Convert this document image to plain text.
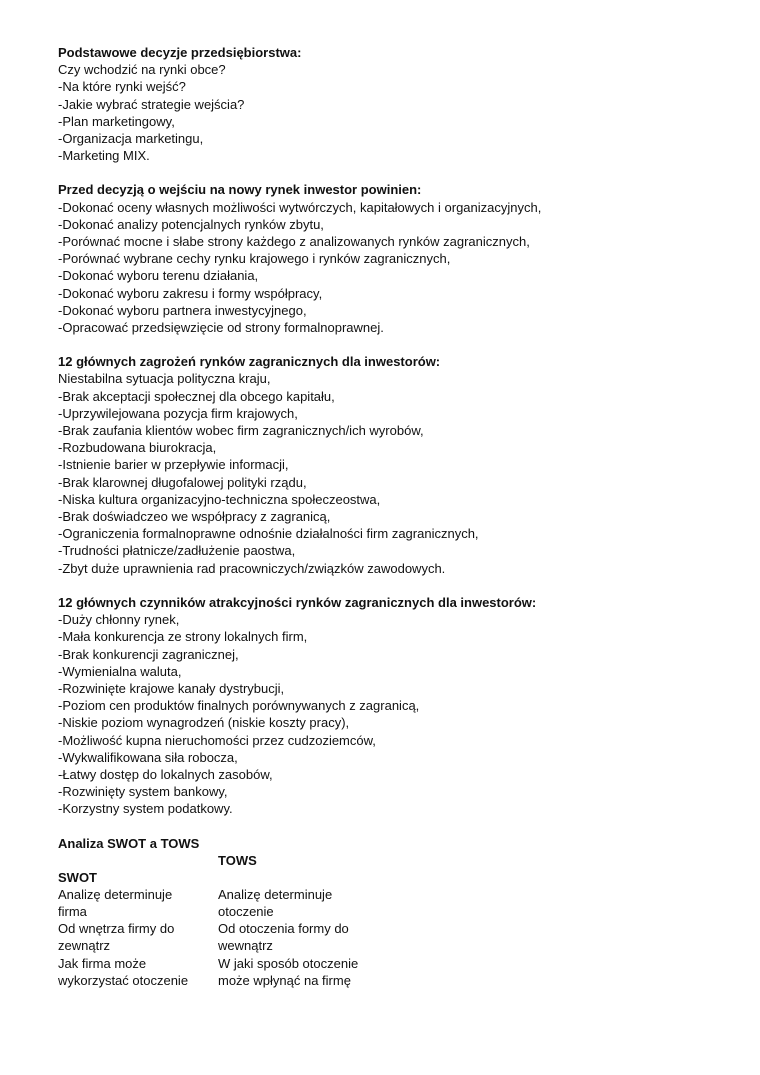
Podstawowe decyzje przedsiębiorstwa:
Czy wchodzić na rynki obce?
-Na które rynki wejść?
-Jakie wybrać strategie wejścia?
-Plan marketingowy,
-Organizacja marketingu,
-Marketing MIX.
Przed decyzją o wejściu na nowy rynek inwestor powinien:
-Dokonać oceny własnych możliwości wytwórczych, kapitałowych i organizacyjnych,
-Dokonać analizy potencjalnych rynków zbytu,
-Porównać mocne i słabe strony każdego z analizowanych rynków zagranicznych,
-Porównać wybrane cechy rynku krajowego i rynków zagranicznych,
-Dokonać wyboru terenu działania,
-Dokonać wyboru zakresu i formy współpracy,
-Dokonać wyboru partnera inwestycyjnego,
-Opracować przedsięwzięcie od strony formalnoprawnej.
12 głównych zagrożeń rynków zagranicznych dla inwestorów:
Niestabilna sytuacja polityczna kraju,
-Brak akceptacji społecznej dla obcego kapitału,
-Uprzywilejowana pozycja firm krajowych,
-Brak zaufania klientów wobec firm zagranicznych/ich wyrobów,
-Rozbudowana biurokracja,
-Istnienie barier w przepływie informacji,
-Brak klarownej długofalowej polityki rządu,
-Niska kultura organizacyjno-techniczna społeczeostwa,
-Brak doświadczeo we współpracy z zagranicą,
-Ograniczenia formalnoprawne odnośnie działalności firm zagranicznych,
-Trudności płatnicze/zadłużenie paostwa,
-Zbyt duże uprawnienia rad pracowniczych/związków zawodowych.
12 głównych czynników atrakcyjności rynków zagranicznych dla inwestorów:
-Duży chłonny rynek,
-Mała konkurencja ze strony lokalnych firm,
-Brak konkurencji zagranicznej,
-Wymienialna waluta,
-Rozwinięte krajowe kanały dystrybucji,
-Poziom cen produktów finalnych porównywanych z zagranicą,
-Niskie poziom wynagrodzeń (niskie koszty pracy),
-Możliwość kupna nieruchomości przez cudzoziemców,
-Wykwalifikowana siła robocza,
-Łatwy dostęp do lokalnych zasobów,
-Rozwinięty system bankowy,
-Korzystny system podatkowy.
Analiza SWOT a TOWS
SWOT
Analizę determinuje
firma
Od wnętrza firmy do
zewnątrz
Jak firma może
wykorzystać otoczenie
TOWS
Analizę determinuje
otoczenie
Od otoczenia formy do
wewnątrz
W jaki sposób otoczenie
może wpłynąć na firmę
